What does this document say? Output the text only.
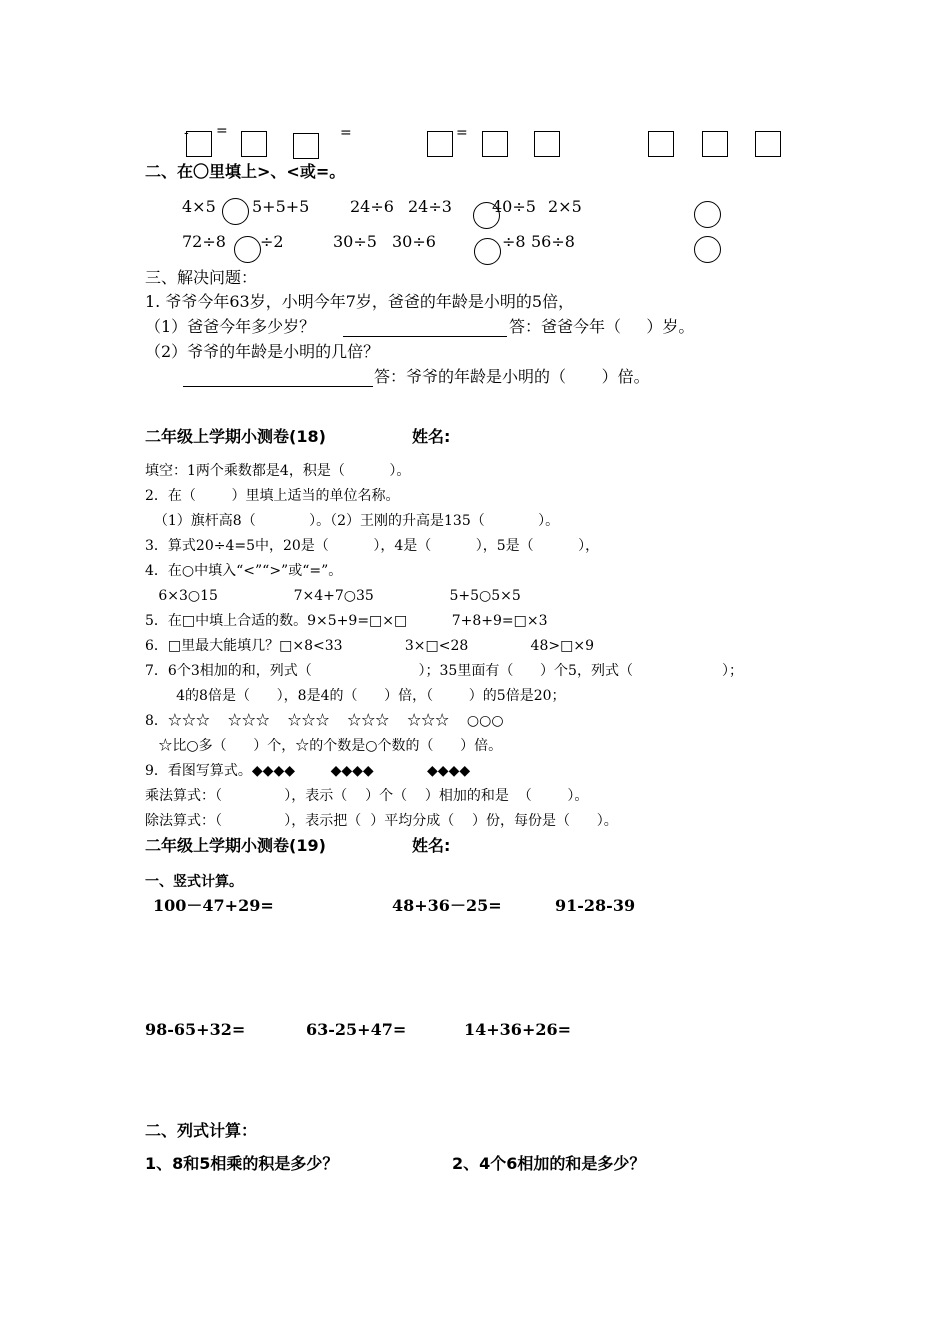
- =	=	=
二、在〇里填上>、<或=。
4×5 5+5+5	24÷6 24÷3	40÷5 2×5
72÷8 ÷2	30÷5 30÷6	÷8 56÷8
三、解决问题：
1. 爷爷今年63岁，小明今年7岁，爸爸的年龄是小明的5倍，
（1）爸爸今年多少岁？	答：爸爸今年（     ）岁。
（2）爷爷的年龄是小明的几倍？
答：爷爷的年龄是小明的（       ）倍。
二年级上学期小测卷(18)	姓名:
填空：1两个乘数都是4，积是（          ）。
2．在（        ）里填上适当的单位名称。
（1）旗杆高8（            ）。（2）王刚的升高是135（            ）。
3．算式20÷4=5中，20是（          ），4是（          ），5是（          ），
4．在○中填入“<”“>”或“=”。
6×3○15                 7×4+7○35                 5+5○5×5
5．在□中填上合适的数。9×5+9=□×□          7+8+9=□×3
6．□里最大能填几？□×8<33              3×□<28              48>□×9
7．6个3相加的和，列式（                        ）；35里面有（      ）个5，列式（                    ）；
4的8倍是（      ），8是4的（      ）倍，（        ）的5倍是20；
8．☆☆☆    ☆☆☆    ☆☆☆    ☆☆☆    ☆☆☆    ○○○
☆比○多（      ）个，☆的个数是○个数的（      ）倍。
9．看图写算式。◆◆◆◆        ◆◆◆◆            ◆◆◆◆
乘法算式：（              ），表示（    ）个（    ）相加的和是  （        ）。
除法算式：（              ），表示把（  ）平均分成（    ）份，每份是（      ）。
二年级上学期小测卷(19)	姓名:
一、竖式计算。
100－47+29=	48+36－25=	91-28-39
98-65+32=	63-25+47=	14+36+26=
二、列式计算：
1、8和5相乘的积是多少？	2、4个6相加的和是多少？
